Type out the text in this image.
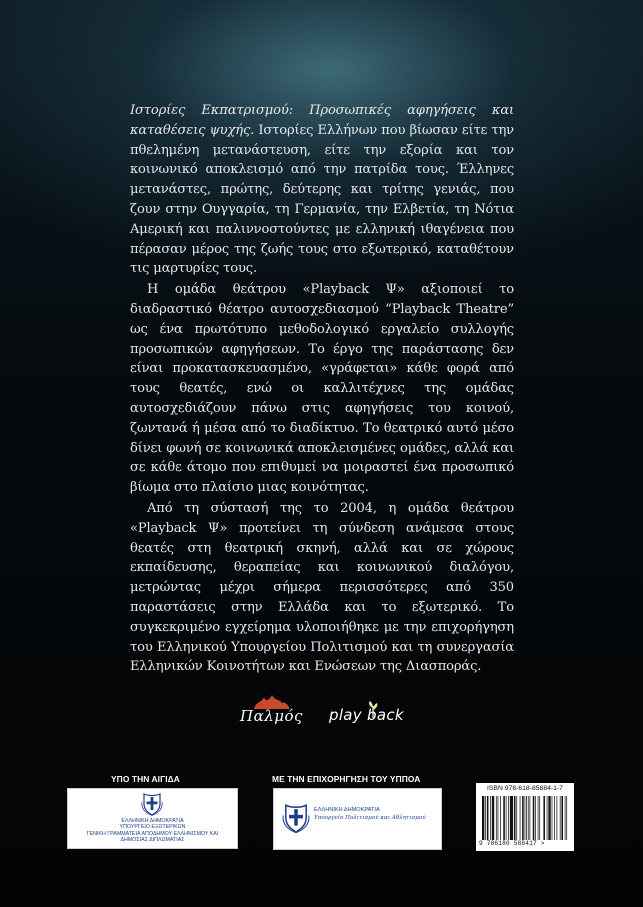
Ιστορίες Εκπατρισμού: Προσωπικές αφηγήσεις και καταθέσεις ψυχής. Ιστορίες Ελλήνων που βίωσαν είτε την πθελημένη μετανάστευση, είτε την εξορία και τον κοινωνικό αποκλεισμό από την πατρίδα τους. Έλληνες μετανάστες, πρώτης, δεύτερης και τρίτης γενιάς, που ζουν στην Ουγγαρία, τη Γερμανία, την Ελβετία, τη Νότια Αμερική και παλιννοστούντες με ελληνική ιθαγένεια που πέρασαν μέρος της ζωής τους στο εξωτερικό, καταθέτουν τις μαρτυρίες τους.

Η ομάδα θεάτρου «Playback Ψ» αξιοποιεί το διαδραστικό θέατρο αυτοσχεδιασμού “Playback Theatre” ως ένα πρωτότυπο μεθοδολογικό εργαλείο συλλογής προσωπικών αφηγήσεων. Το έργο της παράστασης δεν είναι προκατασκευασμένο, «γράφεται» κάθε φορά από τους θεατές, ενώ οι καλλιτέχνες της ομάδας αυτοσχεδιάζουν πάνω στις αφηγήσεις του κοινού, ζωντανά ή μέσα από το διαδίκτυο. Το θεατρικό αυτό μέσο δίνει φωνή σε κοινωνικά αποκλεισμένες ομάδες, αλλά και σε κάθε άτομο που επιθυμεί να μοιραστεί ένα προσωπικό βίωμα στο πλαίσιο μιας κοινότητας.

Από τη σύστασή της το 2004, η ομάδα θεάτρου «Playback Ψ» προτείνει τη σύνδεση ανάμεσα στους θεατές στη θεατρική σκηνή, αλλά και σε χώρους εκπαίδευσης, θεραπείας και κοινωνικού διαλόγου, μετρώντας μέχρι σήμερα περισσότερες από 350 παραστάσεις στην Ελλάδα και το εξωτερικό. Το συγκεκριμένο εγχείρημα υλοποιήθηκε με την επιχορήγηση του Ελληνικού Υπουργείου Πολιτισμού και τη συνεργασία Ελληνικών Κοινοτήτων και Ενώσεων της Διασποράς.

Παλμός play back
ΥΠΟ ΤΗΝ ΑΙΓΙΔΑ	ΜΕ ΤΗΝ ΕΠΙΧΟΡΗΓΗΣΗ ΤΟΥ ΥΠΠΟΑ
ΕΛΛΗΝΙΚΗ ΔΗΜΟΚΡΑΤΙΑ
ΥΠΟΥΡΓΕΙΟ ΕΞΩΤΕΡΙΚΩΝ
ΓΕΝΙΚΗ ΓΡΑΜΜΑΤΕΙΑ ΑΠΟΔΗΜΟΥ ΕΛΛΗΝΙΣΜΟΥ ΚΑΙ
ΔΗΜΟΣΙΑΣ ΔΙΠΛΩΜΑΤΙΑΣ
ΕΛΛΗΝΙΚΗ ΔΗΜΟΚΡΑΤΙΑ
Υπουργείο Πολιτισμού και Αθλητισμού
ISBN 978-618-85884-1-7
9 786180 588417 >
